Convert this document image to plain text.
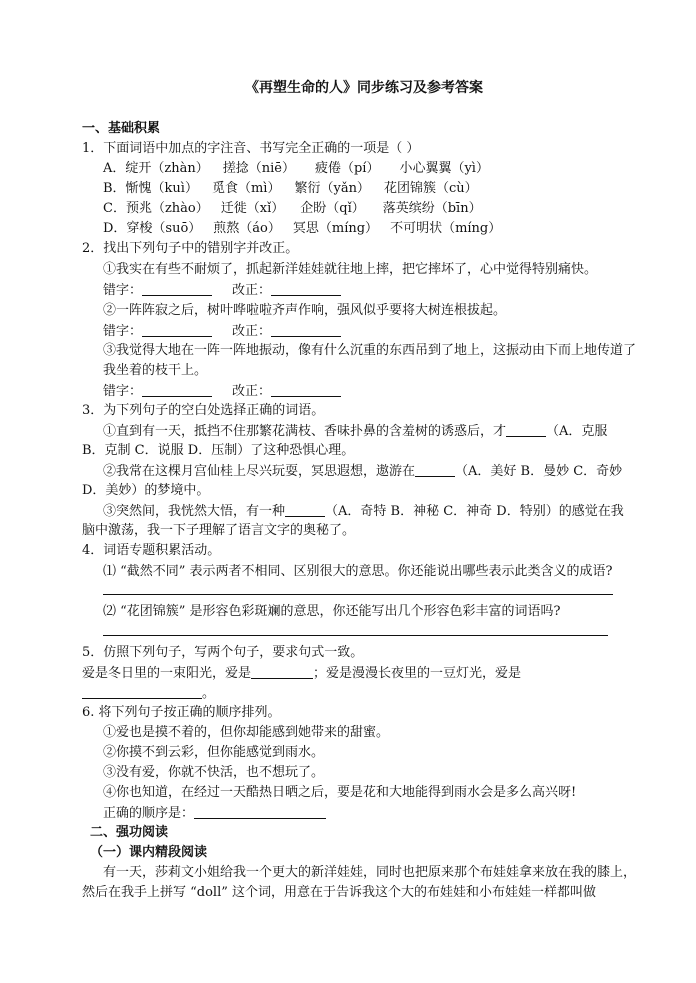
《再塑生命的人》同步练习及参考答案
一、基础积累
1．下面词语中加点的字注音、书写完全正确的一项是（ ）
A．绽开（zhàn） 搓捻（niē） 疲倦（pí） 小心翼翼（yì）
B．惭愧（kuì） 觅食（mì） 繁衍（yǎn） 花团锦簇（cù）
C．预兆（zhào） 迁徙（xǐ） 企盼（qǐ） 落英缤纷（bīn）
D．穿梭（suō） 煎熬（áo） 冥思（míng） 不可明状（míng）
2．找出下列句子中的错别字并改正。
①我实在有些不耐烦了，抓起新洋娃娃就往地上摔，把它摔坏了，心中觉得特别痛快。
错字：	改正：
②一阵阵寂之后，树叶哗啦啦齐声作响，强风似乎要将大树连根拔起。
错字：	改正：
③我觉得大地在一阵一阵地振动，像有什么沉重的东西吊到了地上，这振动由下而上地传道了
我坐着的枝干上。
错字：	改正：
3．为下列句子的空白处选择正确的词语。
①直到有一天，抵挡不住那繁花满枝、香味扑鼻的含羞树的诱惑后，才	（A．克服
B．克制 C．说服 D．压制）了这种恐惧心理。
②我常在这棵月宫仙桂上尽兴玩耍，冥思遐想，遨游在	（A．美好 B．曼妙 C．奇妙
D．美妙）的梦境中。
③突然间，我恍然大悟，有一种	（A．奇特 B．神秘 C．神奇 D．特别）的感觉在我
脑中激荡，我一下子理解了语言文字的奥秘了。
4．词语专题积累活动。
⑴ “截然不同” 表示两者不相同、区别很大的意思。你还能说出哪些表示此类含义的成语?
⑵ “花团锦簇” 是形容色彩斑斓的意思，你还能写出几个形容色彩丰富的词语吗?
5．仿照下列句子，写两个句子，要求句式一致。
爱是冬日里的一束阳光，爱是	；爱是漫漫长夜里的一豆灯光，爱是
。
6. 将下列句子按正确的顺序排列。
①爱也是摸不着的，但你却能感到她带来的甜蜜。
②你摸不到云彩，但你能感觉到雨水。
③没有爱，你就不快活，也不想玩了。
④你也知道，在经过一天酷热日晒之后，要是花和大地能得到雨水会是多么高兴呀!
正确的顺序是：
二、强功阅读
（一）课内精段阅读
有一天，莎莉文小姐给我一个更大的新洋娃娃，同时也把原来那个布娃娃拿来放在我的膝上，
然后在我手上拼写 “doll” 这个词，用意在于告诉我这个大的布娃娃和小布娃娃一样都叫做
